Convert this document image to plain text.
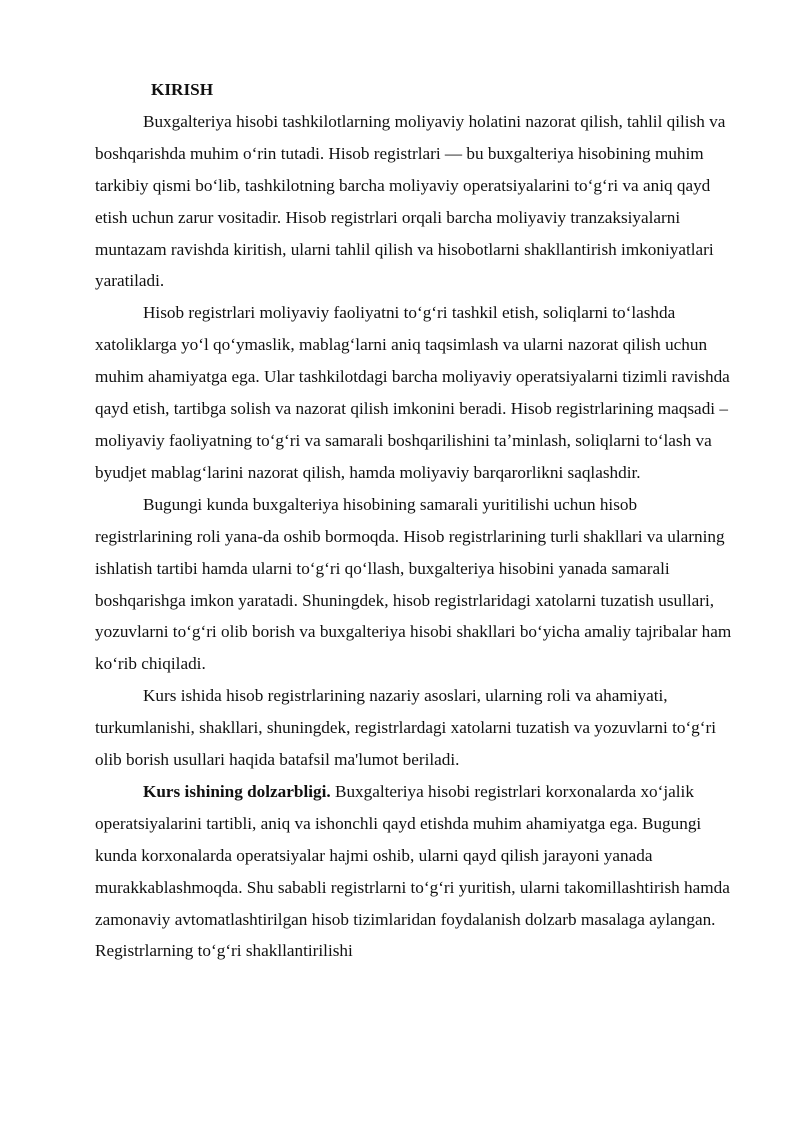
KIRISH

Buxgalteriya hisobi tashkilotlarning moliyaviy holatini nazorat qilish, tahlil qilish va boshqarishda muhim oʻrin tutadi. Hisob registrlari — bu buxgalteriya hisobining muhim tarkibiy qismi boʻlib, tashkilotning barcha moliyaviy operatsiyalarini toʻgʻri va aniq qayd etish uchun zarur vositadir. Hisob registrlari orqali barcha moliyaviy tranzaksiyalarni muntazam ravishda kiritish, ularni tahlil qilish va hisobotlarni shakllantirish imkoniyatlari yaratiladi.

Hisob registrlari moliyaviy faoliyatni toʻgʻri tashkil etish, soliqlarni toʻlashda xatoliklarga yoʻl qoʻymaslik, mablagʻlarni aniq taqsimlash va ularni nazorat qilish uchun muhim ahamiyatga ega. Ular tashkilotdagi barcha moliyaviy operatsiyalarni tizimli ravishda qayd etish, tartibga solish va nazorat qilish imkonini beradi. Hisob registrlarining maqsadi – moliyaviy faoliyatning toʻgʻri va samarali boshqarilishini taʼminlash, soliqlarni toʻlash va byudjet mablagʻlarini nazorat qilish, hamda moliyaviy barqarorlikni saqlashdir.

Bugungi kunda buxgalteriya hisobining samarali yuritilishi uchun hisob registrlarining roli yana-da oshib bormoqda. Hisob registrlarining turli shakllari va ularning ishlatish tartibi hamda ularni toʻgʻri qoʻllash, buxgalteriya hisobini yanada samarali boshqarishga imkon yaratadi. Shuningdek, hisob registrlaridagi xatolarni tuzatish usullari, yozuvlarni toʻgʻri olib borish va buxgalteriya hisobi shakllari boʻyicha amaliy tajribalar ham koʻrib chiqiladi.

Kurs ishida hisob registrlarining nazariy asoslari, ularning roli va ahamiyati, turkumlanishi, shakllari, shuningdek, registrlardagi xatolarni tuzatish va yozuvlarni toʻgʻri olib borish usullari haqida batafsil ma'lumot beriladi.

Kurs ishining dolzarbligi. Buxgalteriya hisobi registrlari korxonalarda xoʻjalik operatsiyalarini tartibli, aniq va ishonchli qayd etishda muhim ahamiyatga ega. Bugungi kunda korxonalarda operatsiyalar hajmi oshib, ularni qayd qilish jarayoni yanada murakkablashmoqda. Shu sababli registrlarni toʻgʻri yuritish, ularni takomillashtirish hamda zamonaviy avtomatlashtirilgan hisob tizimlaridan foydalanish dolzarb masalaga aylangan. Registrlarning toʻgʻri shakllantirilishi
